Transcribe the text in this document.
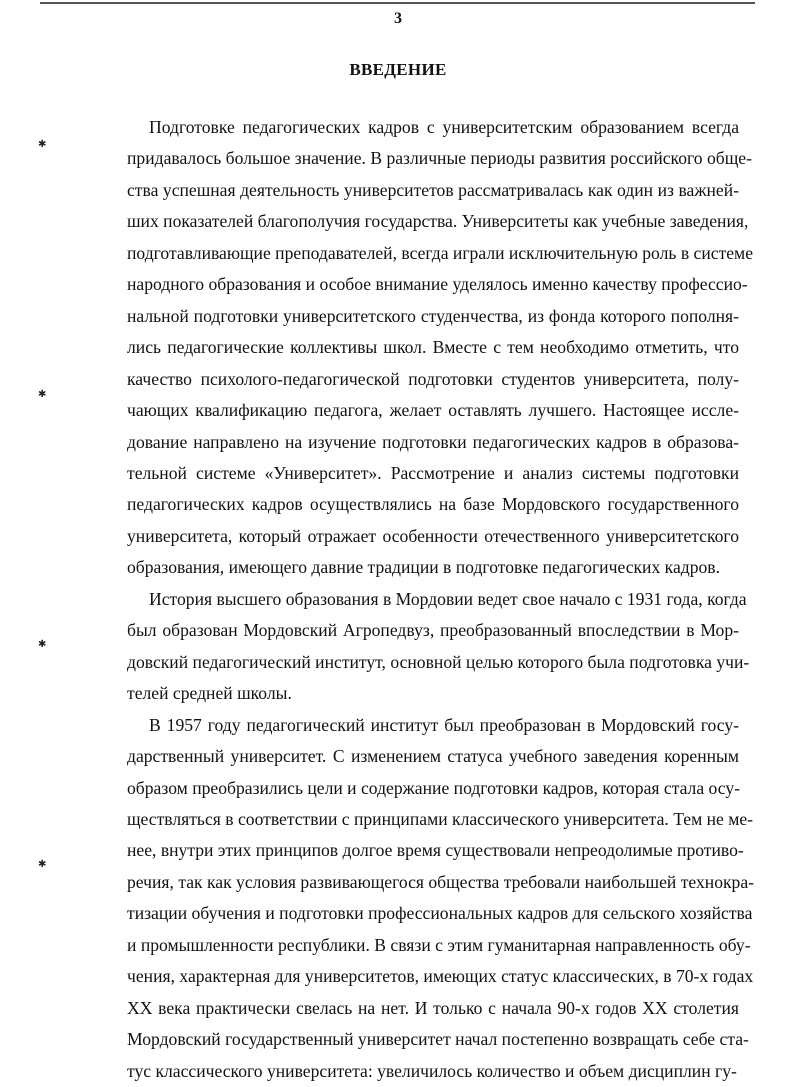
3
ВВЕДЕНИЕ
✱
✱
✱
✱
Подготовке педагогических кадров с университетским образованием всегда
придавалось большое значение. В различные периоды развития российского обще-
ства успешная деятельность университетов рассматривалась как один из важней-
ших показателей благополучия государства. Университеты как учебные заведения,
подготавливающие преподавателей, всегда играли исключительную роль в системе
народного образования и особое внимание уделялось именно качеству профессио-
нальной подготовки университетского студенчества, из фонда которого пополня-
лись педагогические коллективы школ. Вместе с тем необходимо отметить, что
качество психолого-педагогической подготовки студентов университета, полу-
чающих квалификацию педагога, желает оставлять лучшего. Настоящее иссле-
дование направлено на изучение подготовки педагогических кадров в образова-
тельной системе «Университет». Рассмотрение и анализ системы подготовки
педагогических кадров осуществлялись на базе Мордовского государственного
университета, который отражает особенности отечественного университетского
образования, имеющего давние традиции в подготовке педагогических кадров.
История высшего образования в Мордовии ведет свое начало с 1931 года, когда
был образован Мордовский Агропедвуз, преобразованный впоследствии в Мор-
довский педагогический институт, основной целью которого была подготовка учи-
телей средней школы.
В 1957 году педагогический институт был преобразован в Мордовский госу-
дарственный университет. С изменением статуса учебного заведения коренным
образом преобразились цели и содержание подготовки кадров, которая стала осу-
ществляться в соответствии с принципами классического университета. Тем не ме-
нее, внутри этих принципов долгое время существовали непреодолимые противо-
речия, так как условия развивающегося общества требовали наибольшей технокра-
тизации обучения и подготовки профессиональных кадров для сельского хозяйства
и промышленности республики. В связи с этим гуманитарная направленность обу-
чения, характерная для университетов, имеющих статус классических, в 70-х годах
XX века практически свелась на нет. И только с начала 90-х годов XX столетия
Мордовский государственный университет начал постепенно возвращать себе ста-
тус классического университета: увеличилось количество и объем дисциплин гу-
